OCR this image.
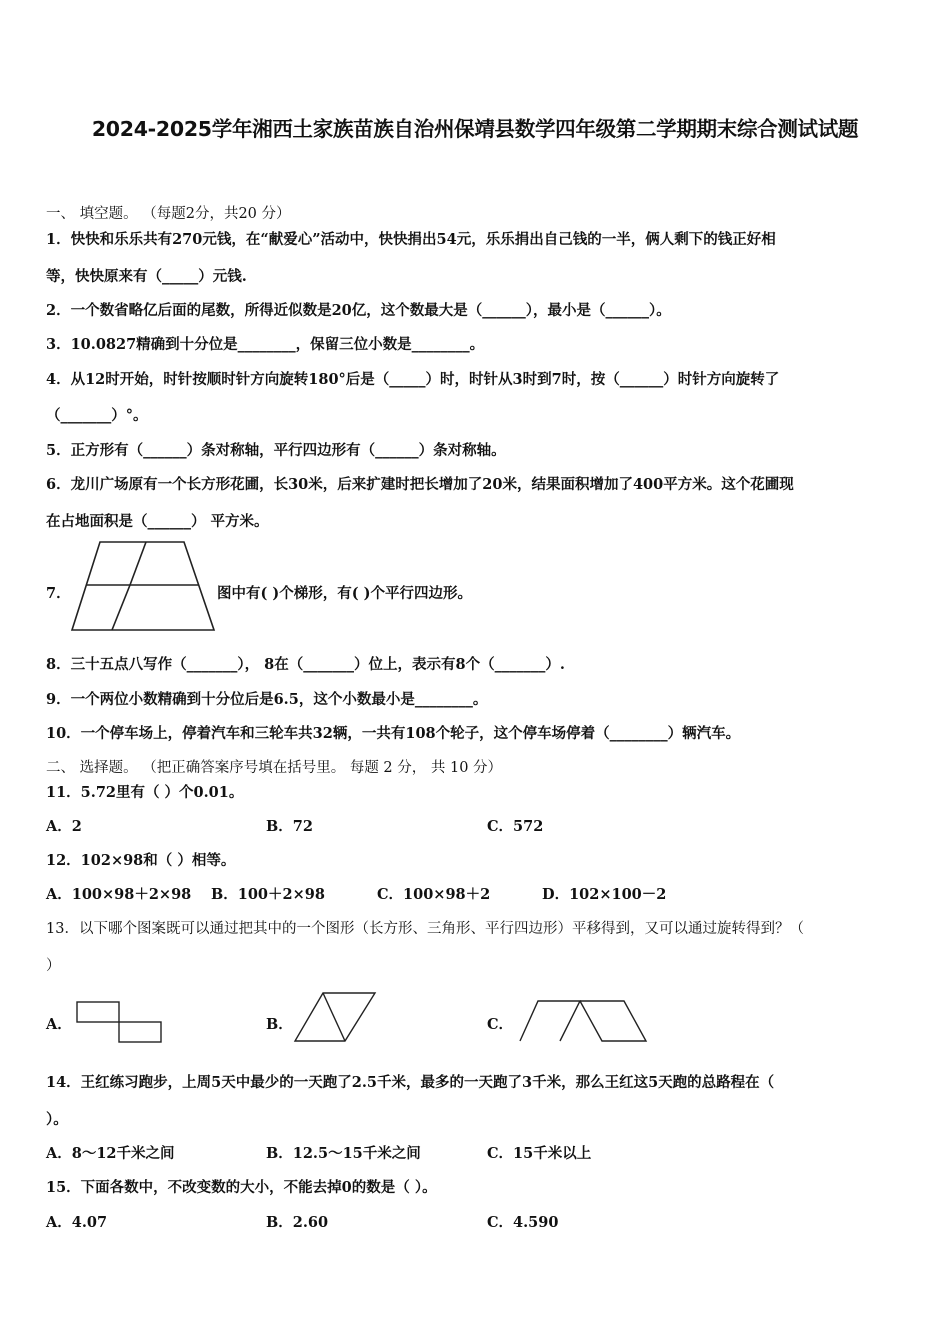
2024-2025学年湘西土家族苗族自治州保靖县数学四年级第二学期期末综合测试试题
一、 填空题。 （每题2分，共20 分）
1．快快和乐乐共有270元钱，在“献爱心”活动中，快快捐出54元，乐乐捐出自己钱的一半，俩人剩下的钱正好相
等，快快原来有（_____）元钱.
2．一个数省略亿后面的尾数，所得近似数是20亿，这个数最大是（______），最小是（______）。
3．10.0827精确到十分位是________，保留三位小数是________。
4．从12时开始，时针按顺时针方向旋转180°后是（_____）时，时针从3时到7时，按（______）时针方向旋转了
（_______）°。
5．正方形有（______）条对称轴，平行四边形有（______）条对称轴。
6．龙川广场原有一个长方形花圃，长30米，后来扩建时把长增加了20米，结果面积增加了400平方米。这个花圃现
在占地面积是（______） 平方米。
7．	图中有( )个梯形，有( )个平行四边形。
8．三十五点八写作（_______）， 8在（_______）位上，表示有8个（_______）.
9．一个两位小数精确到十分位后是6.5，这个小数最小是________。
10．一个停车场上，停着汽车和三轮车共32辆，一共有108个轮子，这个停车场停着（________）辆汽车。
二、 选择题。 （把正确答案序号填在括号里。 每题 2 分， 共 10 分）
11．5.72里有（ ）个0.01。
A．2	B．72	C．572
12．102×98和（ ）相等。
A．100×98＋2×98 B．100＋2×98	C．100×98＋2	D．102×100－2
13．以下哪个图案既可以通过把其中的一个图形（长方形、三角形、平行四边形）平移得到，又可以通过旋转得到？（
）
A．	B．	C．
14．王红练习跑步，上周5天中最少的一天跑了2.5千米，最多的一天跑了3千米，那么王红这5天跑的总路程在（
）。
A．8～12千米之间	B．12.5～15千米之间	C．15千米以上
15．下面各数中，不改变数的大小，不能去掉0的数是（ ）。
A．4.07	B．2.60	C．4.590
